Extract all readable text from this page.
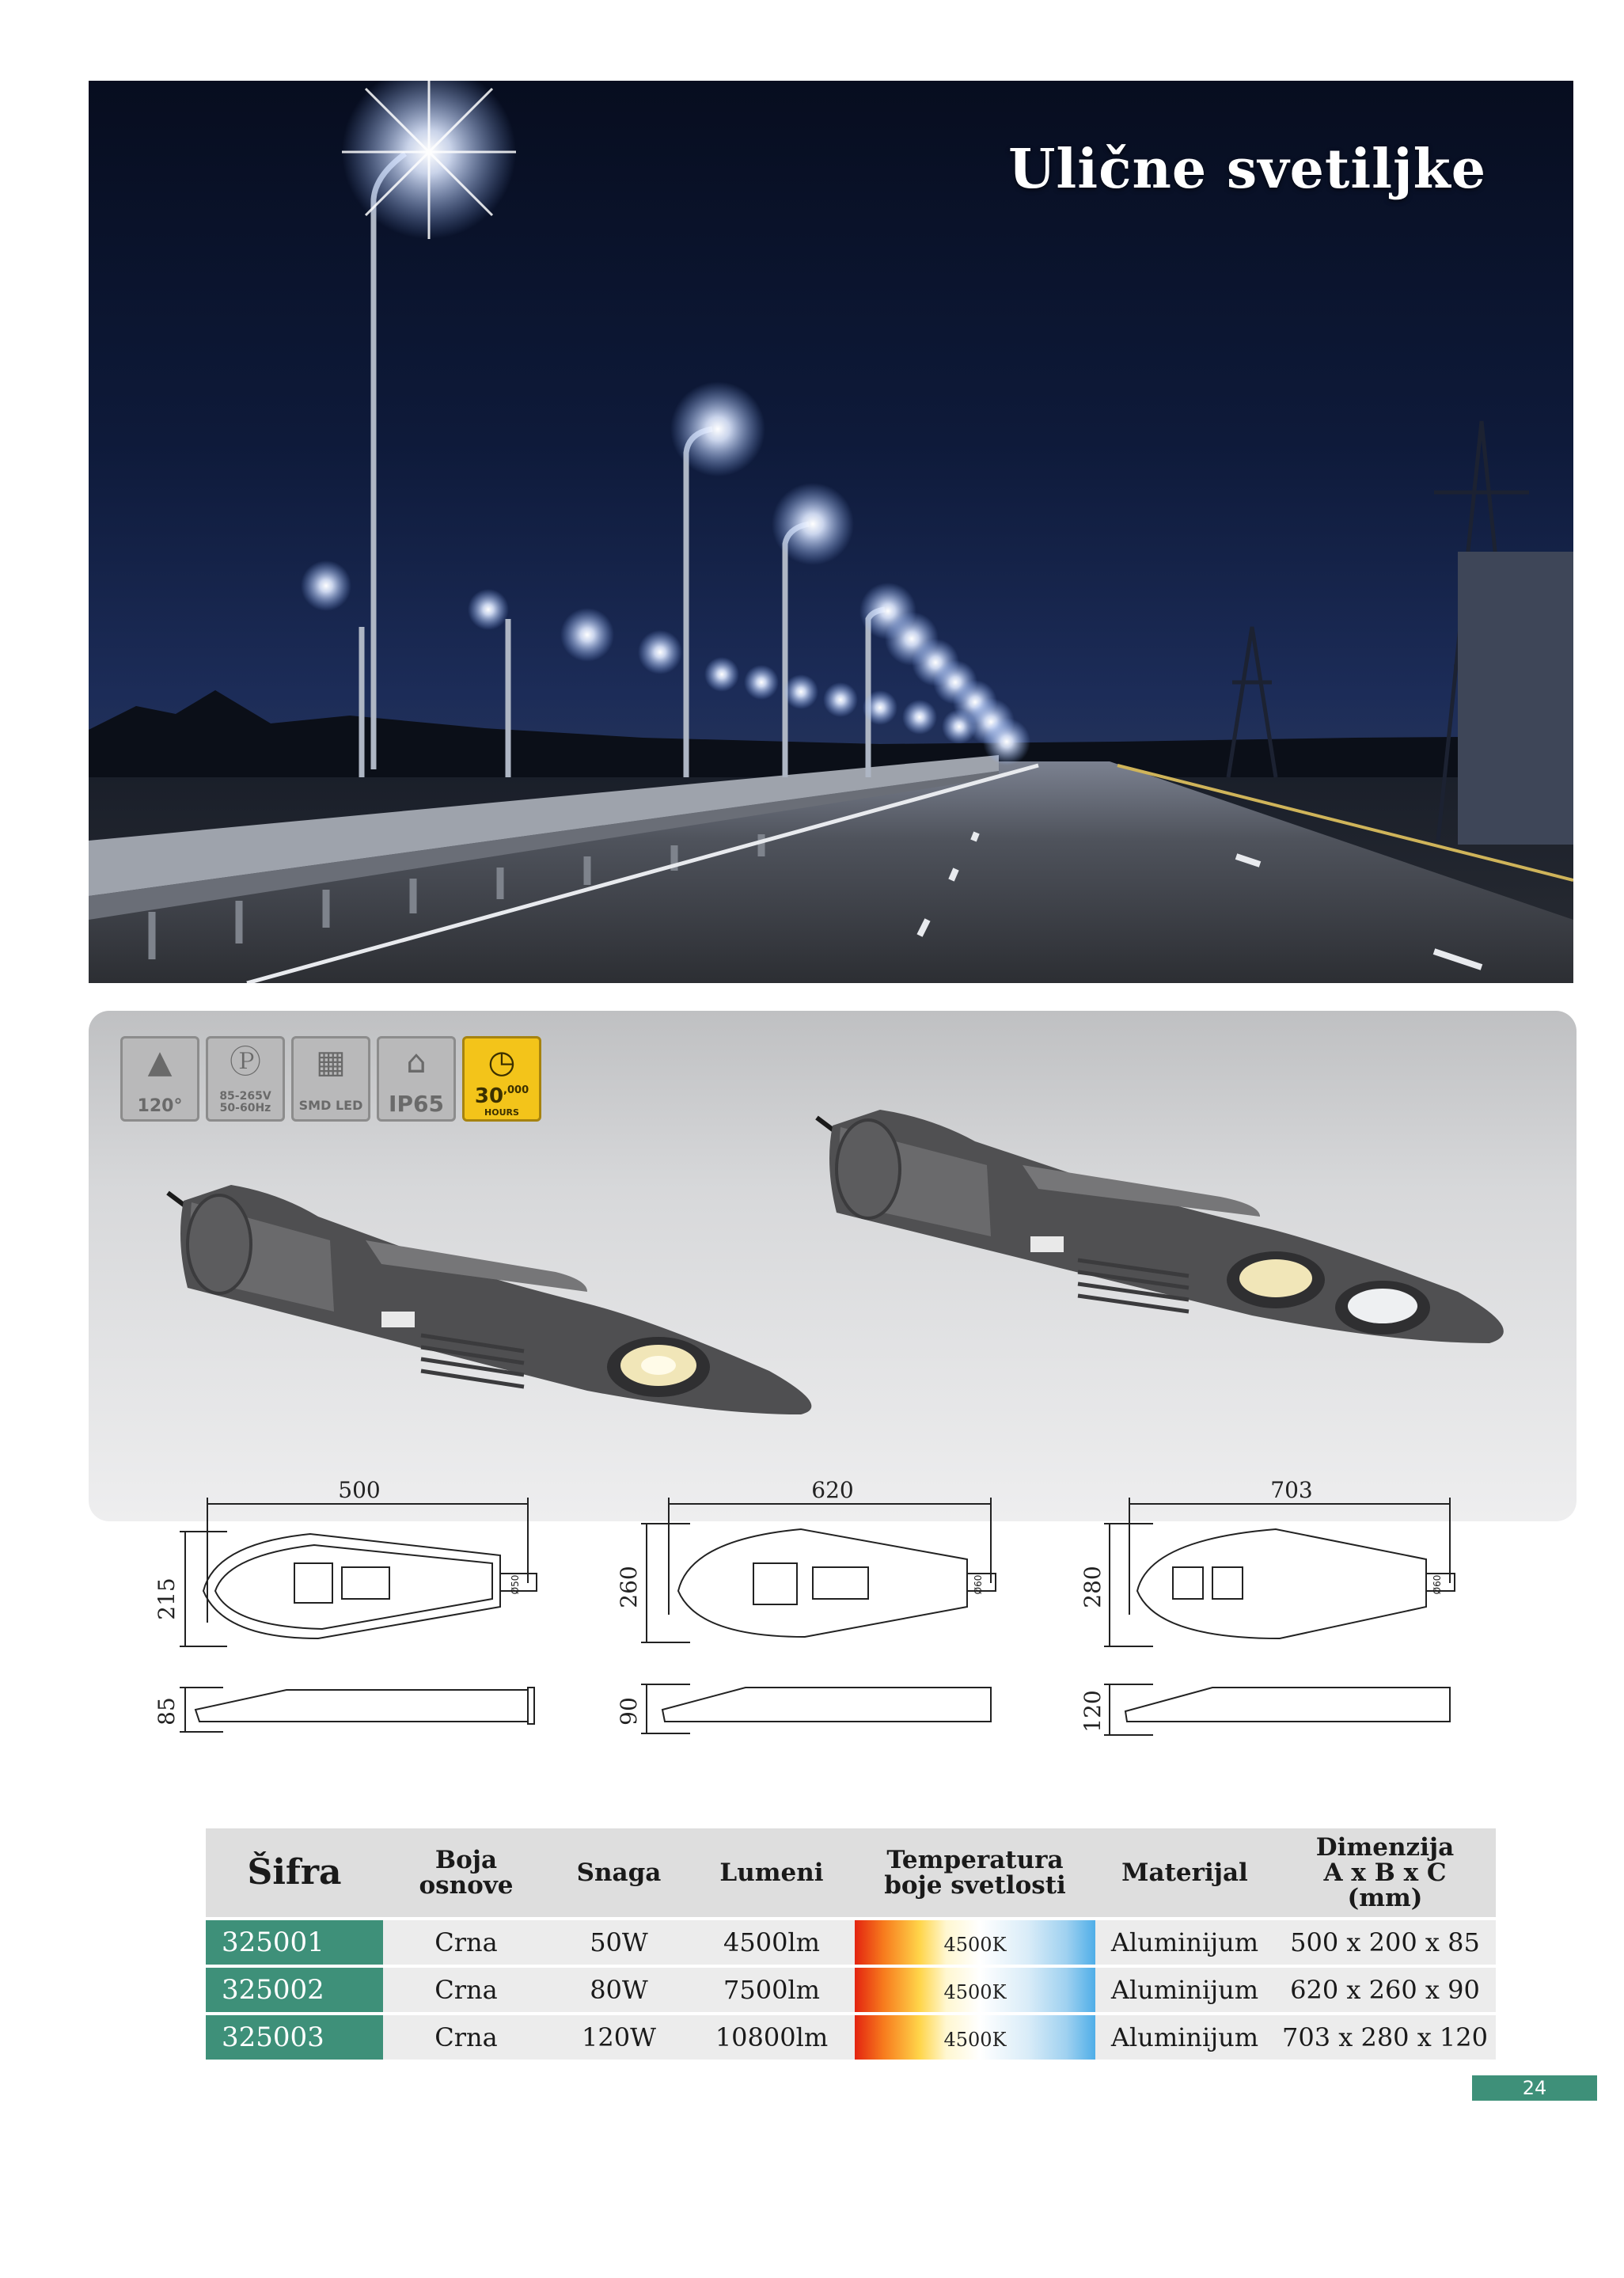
Ulične svetiljke
▲
120°
Ⓟ
85-265V
50-60Hz
▦
SMD LED
⌂
IP65
◷
$30^{,000}$
HOURS
500
215
85
Ø50
620
260
90
Ø60
703
280
120
Ø60
Šifra	Boja osnove	Snaga	Lumeni	Temperatura boje svetlosti	Materijal	Dimenzija
A x B x C
(mm)

325001	Crna	50W	4500lm	4500K	Aluminijum	500 x 200 x 85
325002	Crna	80W	7500lm	4500K	Aluminijum	620 x 260 x 90
325003	Crna	120W	10800lm	4500K	Aluminijum	703 x 280 x 120
24
